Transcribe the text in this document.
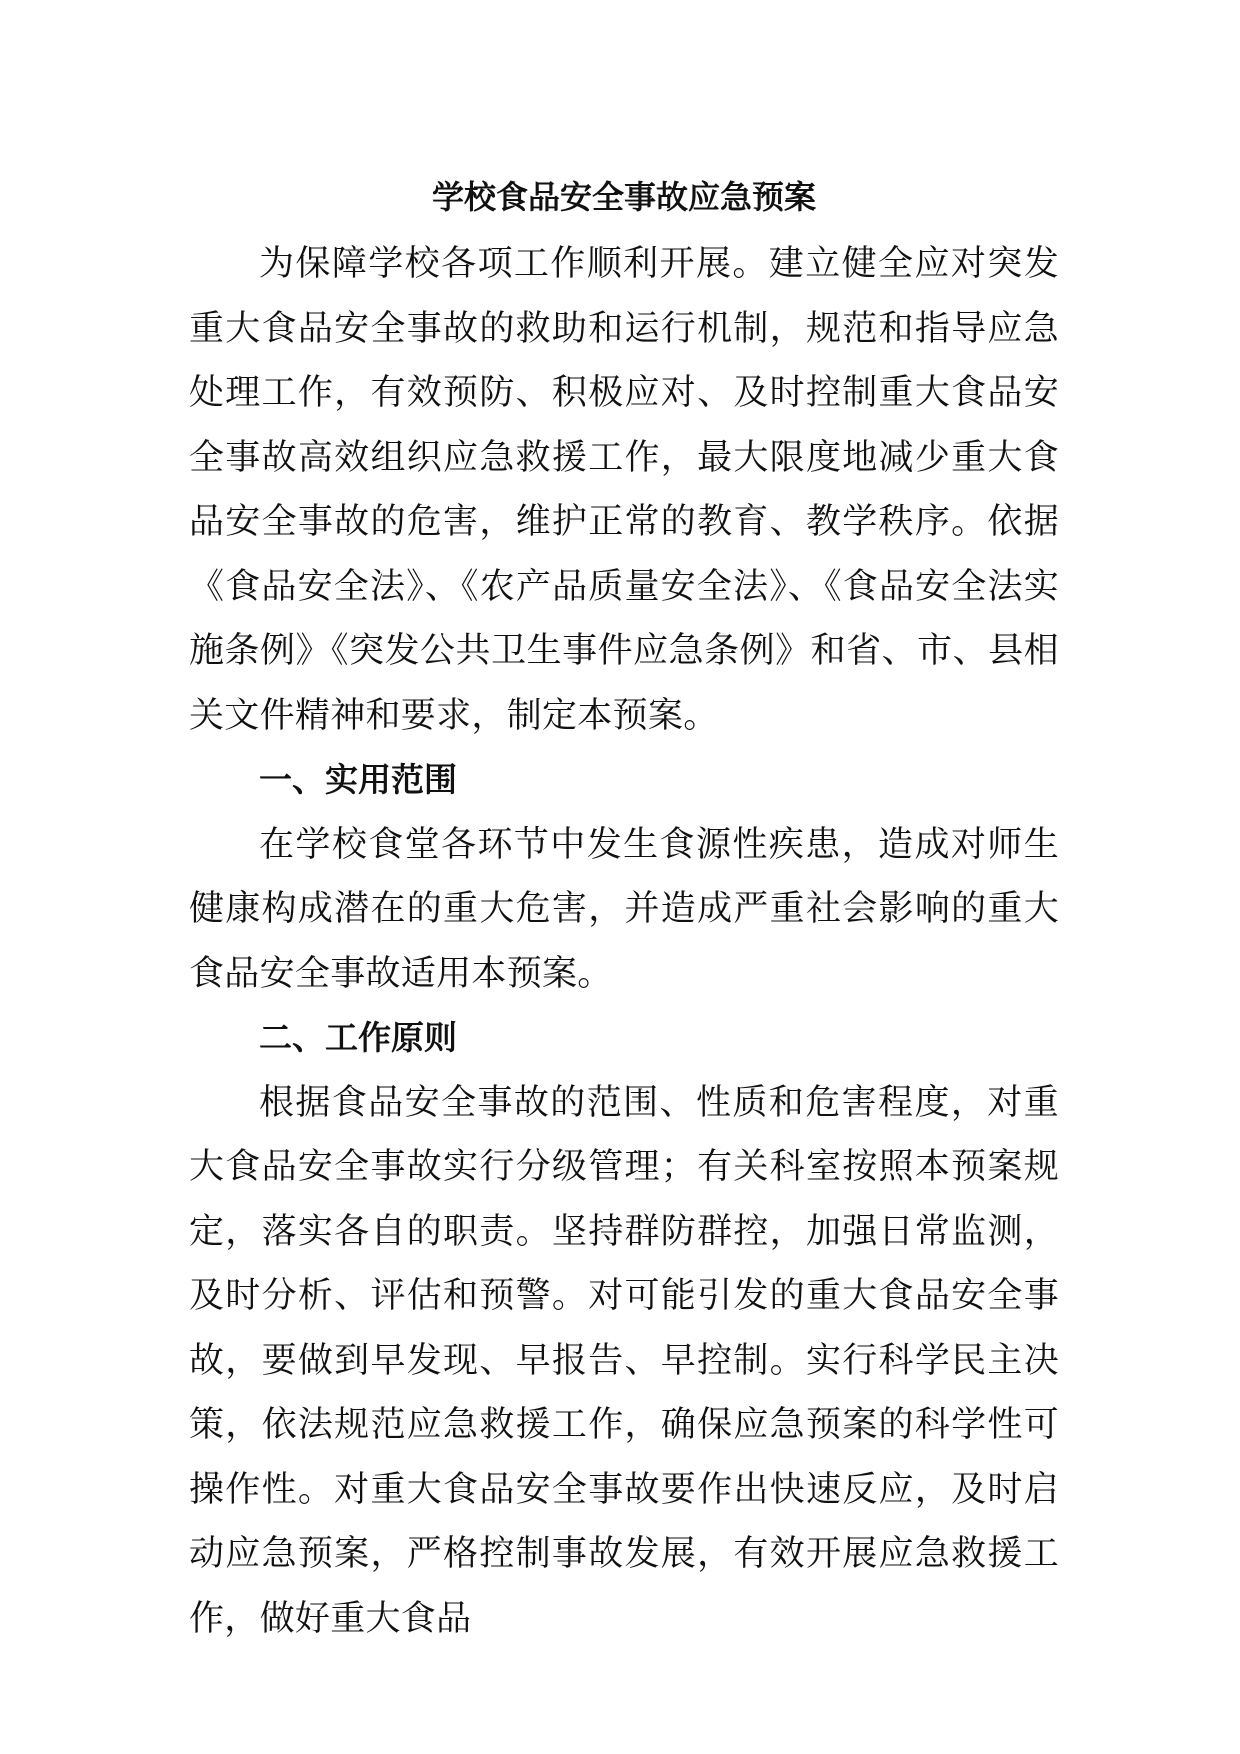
学校食品安全事故应急预案

为保障学校各项工作顺利开展。建立健全应对突发重大食品安全事故的救助和运行机制，规范和指导应急处理工作，有效预防、积极应对、及时控制重大食品安全事故高效组织应急救援工作，最大限度地减少重大食品安全事故的危害，维护正常的教育、教学秩序。依据《食品安全法》、《农产品质量安全法》、《食品安全法实施条例》《突发公共卫生事件应急条例》和省、市、县相关文件精神和要求，制定本预案。

一、实用范围

在学校食堂各环节中发生食源性疾患，造成对师生健康构成潜在的重大危害，并造成严重社会影响的重大食品安全事故适用本预案。

二、工作原则

根据食品安全事故的范围、性质和危害程度，对重大食品安全事故实行分级管理；有关科室按照本预案规定，落实各自的职责。坚持群防群控，加强日常监测，及时分析、评估和预警。对可能引发的重大食品安全事故，要做到早发现、早报告、早控制。实行科学民主决策，依法规范应急救援工作，确保应急预案的科学性可操作性。对重大食品安全事故要作出快速反应，及时启动应急预案，严格控制事故发展，有效开展应急救援工作，做好重大食品
